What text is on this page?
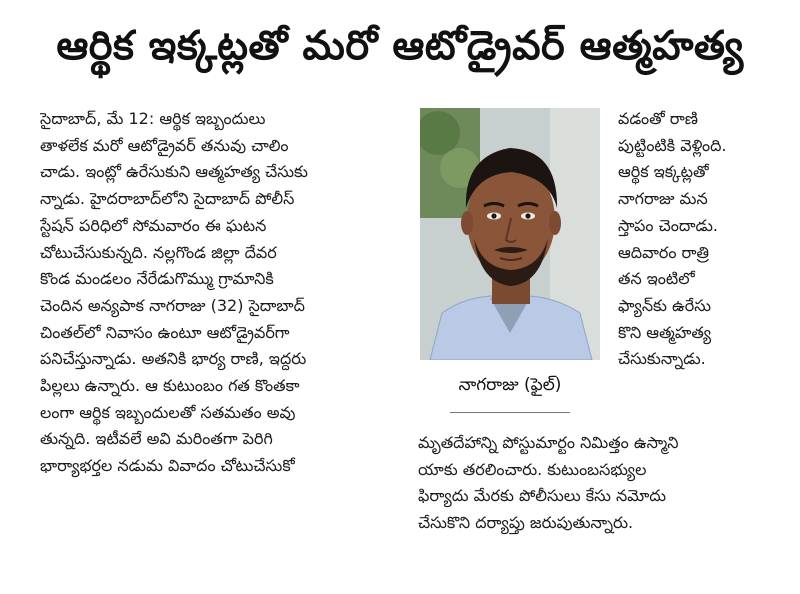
ఆర్థిక ఇక్కట్లతో మరో ఆటోడ్రైవర్ ఆత్మహత్య
సైదాబాద్, మే 12: ఆర్థిక ఇబ్బందులు
తాళలేక మరో ఆటోడ్రైవర్ తనువు చాలిం
చాడు. ఇంట్లో ఉరేసుకుని ఆత్మహత్య చేసుకు
న్నాడు. హైదరాబాద్‌లోని సైదాబాద్ పోలీస్
స్టేషన్ పరిధిలో సోమవారం ఈ ఘటన
చోటుచేసుకున్నది. నల్లగొండ జిల్లా దేవర
కొండ మండలం నేరేడుగొమ్ము గ్రామానికి
చెందిన అన్యపాక నాగరాజు (32) సైదాబాద్
చింతల్‌లో నివాసం ఉంటూ ఆటోడ్రైవర్‌గా
పనిచేస్తున్నాడు. అతనికి భార్య రాణి, ఇద్దరు
పిల్లలు ఉన్నారు. ఆ కుటుంబం గత కొంతకా
లంగా ఆర్థిక ఇబ్బందులతో సతమతం అవు
తున్నది. ఇటీవలే అవి మరింతగా పెరిగి
భార్యాభర్తల నడుమ వివాదం చోటుచేసుకో
నాగరాజు (ఫైల్)
వడంతో రాణి
పుట్టింటికి వెళ్లింది.
ఆర్థిక ఇక్కట్లతో
నాగరాజు మన
స్తాపం చెందాడు.
ఆదివారం రాత్రి
తన ఇంటిలో
ఫ్యాన్‌కు ఉరేసు
కొని ఆత్మహత్య
చేసుకున్నాడు.
మృతదేహాన్ని పోస్టుమార్టం నిమిత్తం ఉస్మాని
యాకు తరలించారు. కుటుంబసభ్యుల
ఫిర్యాదు మేరకు పోలీసులు కేసు నమోదు
చేసుకొని దర్యాప్తు జరుపుతున్నారు.
